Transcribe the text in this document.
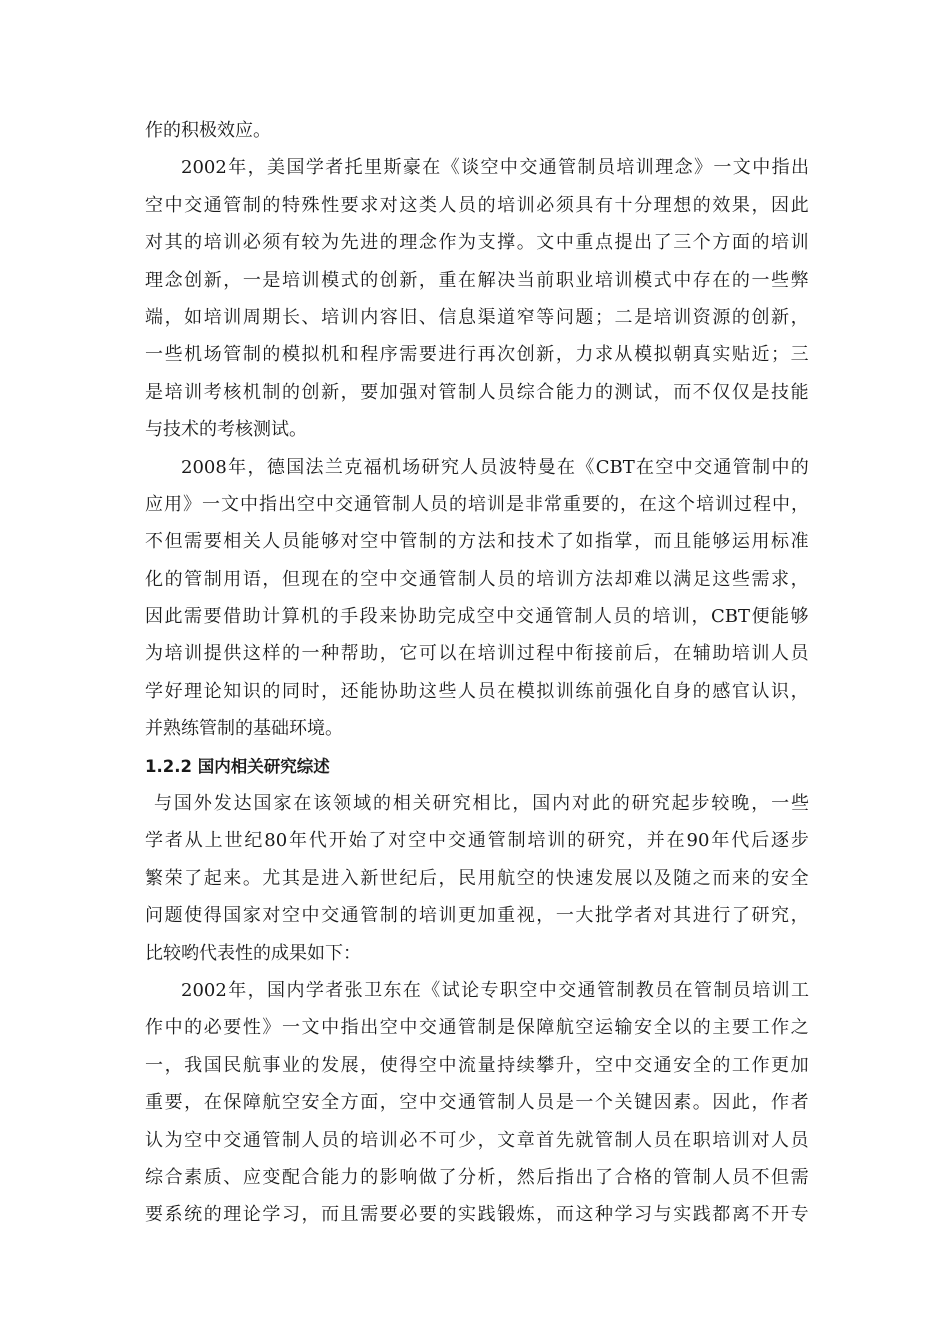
作的积极效应。
2002 年 ， 美 国 学 者 托 里 斯 豪 在 《 谈 空 中 交 通 管 制 员 培 训 理 念 》 一 文 中 指 出
空 中 交 通 管 制 的 特 殊 性 要 求 对 这 类 人 员 的 培 训 必 须 具 有 十 分 理 想 的 效 果 ， 因 此
对 其 的 培 训 必 须 有 较 为 先 进 的 理 念 作 为 支 撑 。 文 中 重 点 提 出 了 三 个 方 面 的 培 训
理 念 创 新 ， 一 是 培 训 模 式 的 创 新 ， 重 在 解 决 当 前 职 业 培 训 模 式 中 存 在 的 一 些 弊
端 ， 如 培 训 周 期 长 、 培 训 内 容 旧 、 信 息 渠 道 窄 等 问 题 ； 二 是 培 训 资 源 的 创 新 ，
一 些 机 场 管 制 的 模 拟 机 和 程 序 需 要 进 行 再 次 创 新 ， 力 求 从 模 拟 朝 真 实 贴 近 ； 三
是 培 训 考 核 机 制 的 创 新 ， 要 加 强 对 管 制 人 员 综 合 能 力 的 测 试 ， 而 不 仅 仅 是 技 能
与技术的考核测试。
2008 年 ， 德 国 法 兰 克 福 机 场 研 究 人 员 波 特 曼 在 《 CBT 在 空 中 交 通 管 制 中 的
应 用 》 一 文 中 指 出 空 中 交 通 管 制 人 员 的 培 训 是 非 常 重 要 的 ， 在 这 个 培 训 过 程 中 ，
不 但 需 要 相 关 人 员 能 够 对 空 中 管 制 的 方 法 和 技 术 了 如 指 掌 ， 而 且 能 够 运 用 标 准
化 的 管 制 用 语 ， 但 现 在 的 空 中 交 通 管 制 人 员 的 培 训 方 法 却 难 以 满 足 这 些 需 求 ，
因 此 需 要 借 助 计 算 机 的 手 段 来 协 助 完 成 空 中 交 通 管 制 人 员 的 培 训 ， CBT 便 能 够
为 培 训 提 供 这 样 的 一 种 帮 助 ， 它 可 以 在 培 训 过 程 中 衔 接 前 后 ， 在 辅 助 培 训 人 员
学 好 理 论 知 识 的 同 时 ， 还 能 协 助 这 些 人 员 在 模 拟 训 练 前 强 化 自 身 的 感 官 认 识 ，
并熟练管制的基础环境。
1.2.2 国内相关研究综述
与 国 外 发 达 国 家 在 该 领 域 的 相 关 研 究 相 比 ， 国 内 对 此 的 研 究 起 步 较 晚 ， 一 些
学 者 从 上 世 纪 80 年 代 开 始 了 对 空 中 交 通 管 制 培 训 的 研 究 ， 并 在 90 年 代 后 逐 步
繁 荣 了 起 来 。 尤 其 是 进 入 新 世 纪 后 ， 民 用 航 空 的 快 速 发 展 以 及 随 之 而 来 的 安 全
问 题 使 得 国 家 对 空 中 交 通 管 制 的 培 训 更 加 重 视 ， 一 大 批 学 者 对 其 进 行 了 研 究 ，
比较哟代表性的成果如下：
2002 年 ， 国 内 学 者 张 卫 东 在 《 试 论 专 职 空 中 交 通 管 制 教 员 在 管 制 员 培 训 工
作 中 的 必 要 性 》 一 文 中 指 出 空 中 交 通 管 制 是 保 障 航 空 运 输 安 全 以 的 主 要 工 作 之
一 ， 我 国 民 航 事 业 的 发 展 ， 使 得 空 中 流 量 持 续 攀 升 ， 空 中 交 通 安 全 的 工 作 更 加
重 要 ， 在 保 障 航 空 安 全 方 面 ， 空 中 交 通 管 制 人 员 是 一 个 关 键 因 素 。 因 此 ， 作 者
认 为 空 中 交 通 管 制 人 员 的 培 训 必 不 可 少 ， 文 章 首 先 就 管 制 人 员 在 职 培 训 对 人 员
综 合 素 质 、 应 变 配 合 能 力 的 影 响 做 了 分 析 ， 然 后 指 出 了 合 格 的 管 制 人 员 不 但 需
要 系 统 的 理 论 学 习 ， 而 且 需 要 必 要 的 实 践 锻 炼 ， 而 这 种 学 习 与 实 践 都 离 不 开 专
